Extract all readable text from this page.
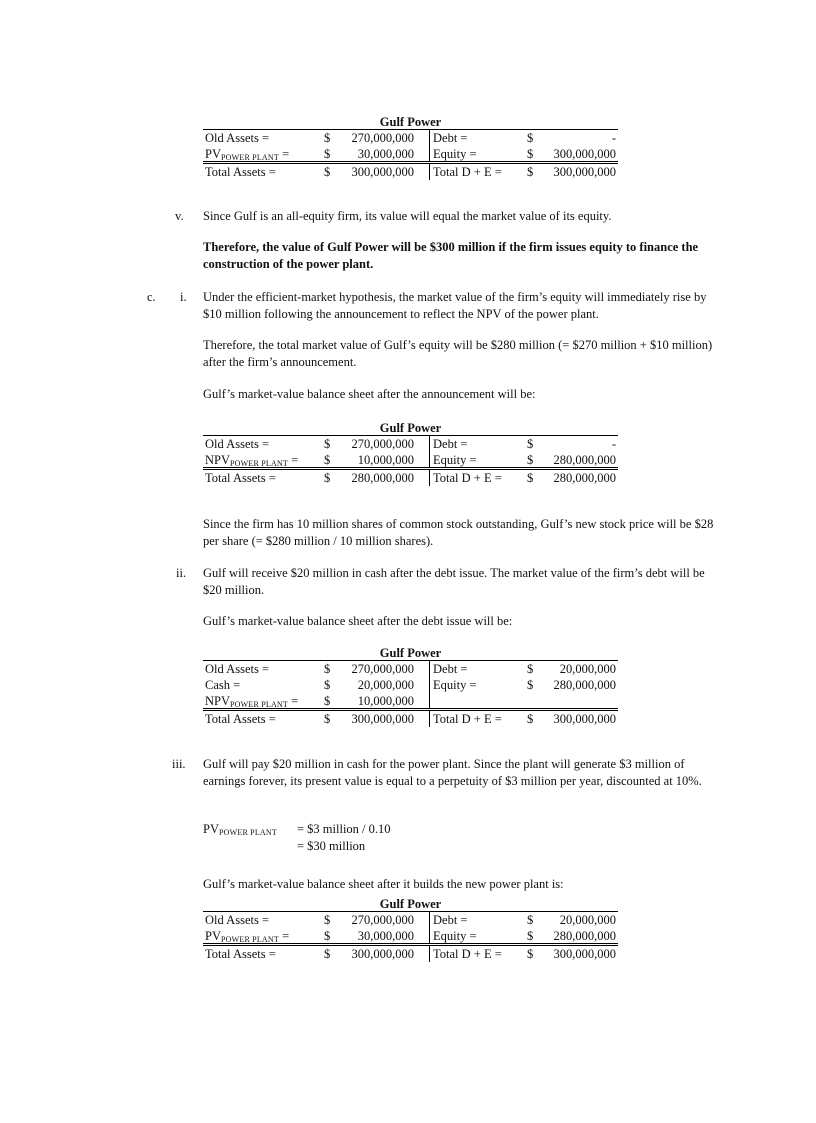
Gulf Power
Old Assets =	$	270,000,000 Debt =	$	-
PVPOWER PLANT =	$	30,000,000 Equity =	$	300,000,000
Total Assets =	$	300,000,000 Total D + E = $	300,000,000
v. Since Gulf is an all-equity firm, its value will equal the market value of its equity.
Therefore, the value of Gulf Power will be $300 million if the firm issues equity to finance the construction of the power plant.
c. i. Under the efficient-market hypothesis, the market value of the firm’s equity will immediately rise by $10 million following the announcement to reflect the NPV of the power plant.
Therefore, the total market value of Gulf’s equity will be $280 million (= $270 million + $10 million) after the firm’s announcement.
Gulf’s market-value balance sheet after the announcement will be:
Gulf Power
Old Assets =	$	270,000,000 Debt =	$	-
NPVPOWER PLANT = $	10,000,000 Equity =	$	280,000,000
Total Assets =	$	280,000,000 Total D + E = $	280,000,000
Since the firm has 10 million shares of common stock outstanding, Gulf’s new stock price will be $28 per share (= $280 million / 10 million shares).
ii. Gulf will receive $20 million in cash after the debt issue. The market value of the firm’s debt will be $20 million.
Gulf’s market-value balance sheet after the debt issue will be:
Gulf Power
Old Assets =	$	270,000,000 Debt =	$	20,000,000
Cash =	$	20,000,000 Equity =	$	280,000,000
NPVPOWER PLANT = $	10,000,000
Total Assets =	$	300,000,000 Total D + E = $	300,000,000
iii. Gulf will pay $20 million in cash for the power plant. Since the plant will generate $3 million of earnings forever, its present value is equal to a perpetuity of $3 million per year, discounted at 10%.
PVPOWER PLANT = $3 million / 0.10
= $30 million
Gulf’s market-value balance sheet after it builds the new power plant is:
Gulf Power
Old Assets =	$	270,000,000 Debt =	$	20,000,000
PVPOWER PLANT =	$	30,000,000 Equity =	$	280,000,000
Total Assets =	$	300,000,000 Total D + E = $	300,000,000
